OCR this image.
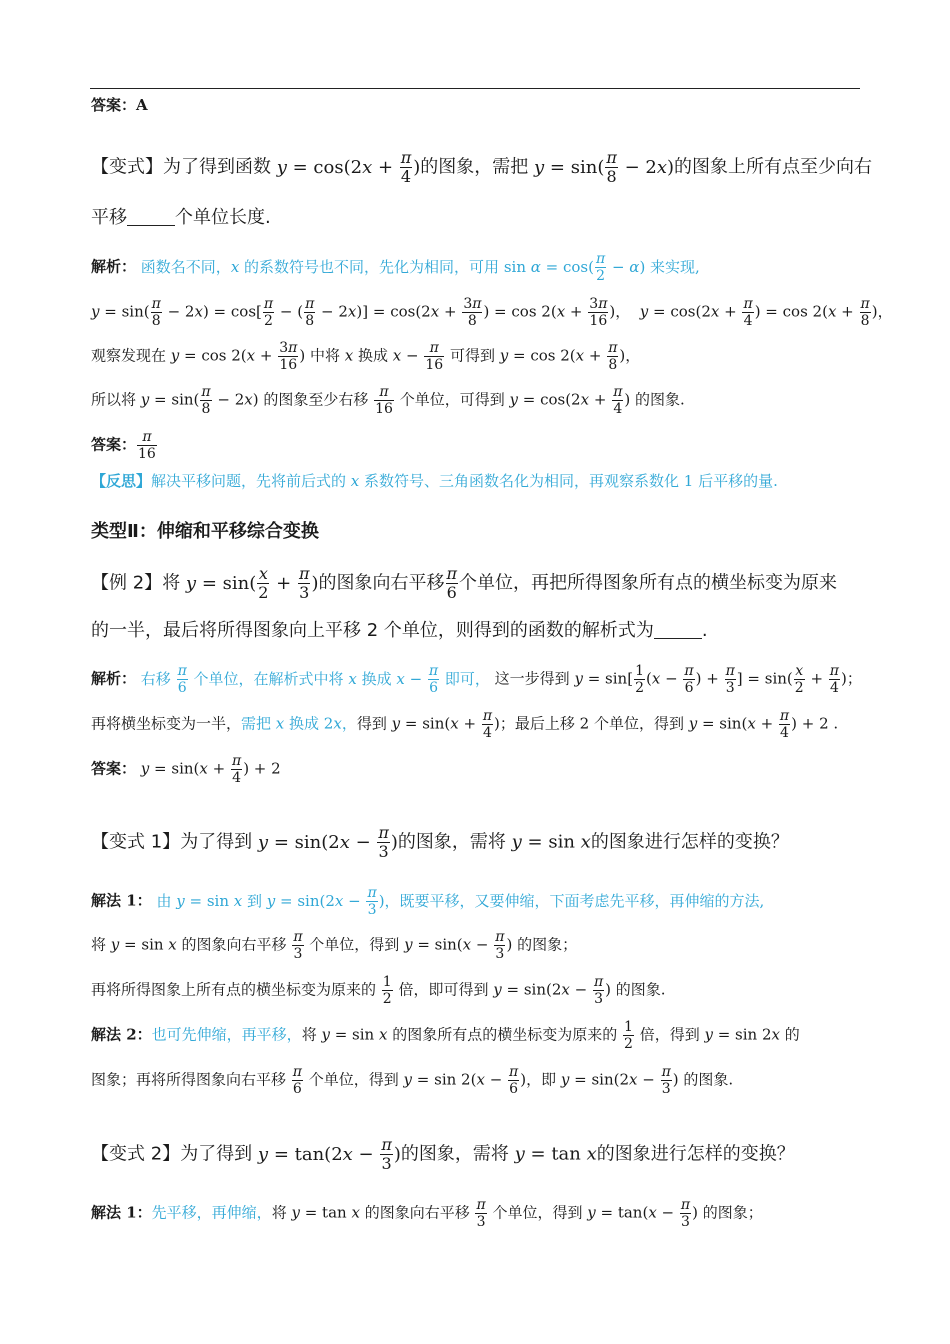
答案：A
【变式】为了得到函数 $y = \cos(2x + \frac{\pi}{4}$ )的图象，需把 $y = \sin( \frac{\pi}{8} - 2x)$的图象上所有点至少向右
平移	个单位长度.
解析： 函数名不同，x 的系数符号也不同，先化为相同，可用 $\sin \alpha = \cos( \frac{\pi}{2} - \alpha)$ 来实现,
$y = \sin( \frac{\pi}{8} - 2x) = \cos[ \frac{\pi}{2}$ − ( $\frac{\pi}{8} - 2x)] = \cos(2x + \frac{3\pi}{8}$ ) = $\cos 2(x + \frac{3\pi}{16}$ )，  $y = \cos(2x + \frac{\pi}{4}$ ) = $\cos 2(x + \frac{\pi}{8}$ )，
观察发现在 $y = \cos 2(x + \frac{3\pi}{16}$ ) 中将 x 换成 $x - \frac{\pi}{16}$ 可得到 $y = \cos 2(x + \frac{\pi}{8}$ )，
所以将 $y = \sin( \frac{\pi}{8} - 2x)$ 的图象至少右移 $\frac{\pi}{16}$ 个单位，可得到 $y = \cos(2x + \frac{\pi}{4}$ ) 的图象.
答案： $\frac{\pi}{16}$
【反思】解决平移问题，先将前后式的 x 系数符号、三角函数名化为相同，再观察系数化 1 后平移的量.
类型Ⅱ：伸缩和平移综合变换
【例 2】将 $y = \sin( \frac{x}{2} + \frac{\pi}{3}$ )的图象向右平移 $\frac{\pi}{6}$ 个单位，再把所得图象所有点的横坐标变为原来
的一半，最后将所得图象向上平移 2 个单位，则得到的函数的解析式为	.
解析： 右移 $\frac{\pi}{6}$ 个单位，在解析式中将 x 换成 $x - \frac{\pi}{6}$ 即可， 这一步得到 $y = \sin[ \frac{1}{2} (x - \frac{\pi}{6}$ ) + $\frac{\pi}{3}$ ] = $\sin( \frac{x}{2} + \frac{\pi}{4}$ )；
再将横坐标变为一半，需把 x 换成 2x，得到 $y = \sin(x + \frac{\pi}{4}$ )；最后上移 2 个单位，得到 $y = \sin(x + \frac{\pi}{4}$ ) + 2 .
答案： $y = \sin(x + \frac{\pi}{4}$ ) + 2
【变式 1】为了得到 $y = \sin(2x - \frac{\pi}{3}$ )的图象，需将 y = sin x的图象进行怎样的变换？
解法 1： 由 y = sin x 到 $y = \sin(2x - \frac{\pi}{3}$ )，既要平移，又要伸缩，下面考虑先平移，再伸缩的方法,
将 y = sin x 的图象向右平移 $\frac{\pi}{3}$ 个单位，得到 $y = \sin(x - \frac{\pi}{3}$ ) 的图象；
再将所得图象上所有点的横坐标变为原来的 $\frac{1}{2}$ 倍，即可得到 $y = \sin(2x - \frac{\pi}{3}$ ) 的图象.
解法 2：也可先伸缩，再平移，将 y = sin x 的图象所有点的横坐标变为原来的 $\frac{1}{2}$ 倍，得到 y = sin 2x 的
图象；再将所得图象向右平移 $\frac{\pi}{6}$ 个单位，得到 $y = \sin 2(x - \frac{\pi}{6}$ )，即 $y = \sin(2x - \frac{\pi}{3}$ ) 的图象.
【变式 2】为了得到 $y = \tan(2x - \frac{\pi}{3}$ )的图象，需将 y = tan x的图象进行怎样的变换？
解法 1：先平移，再伸缩，将 y = tan x 的图象向右平移 $\frac{\pi}{3}$ 个单位，得到 $y = \tan(x - \frac{\pi}{3}$ ) 的图象；
